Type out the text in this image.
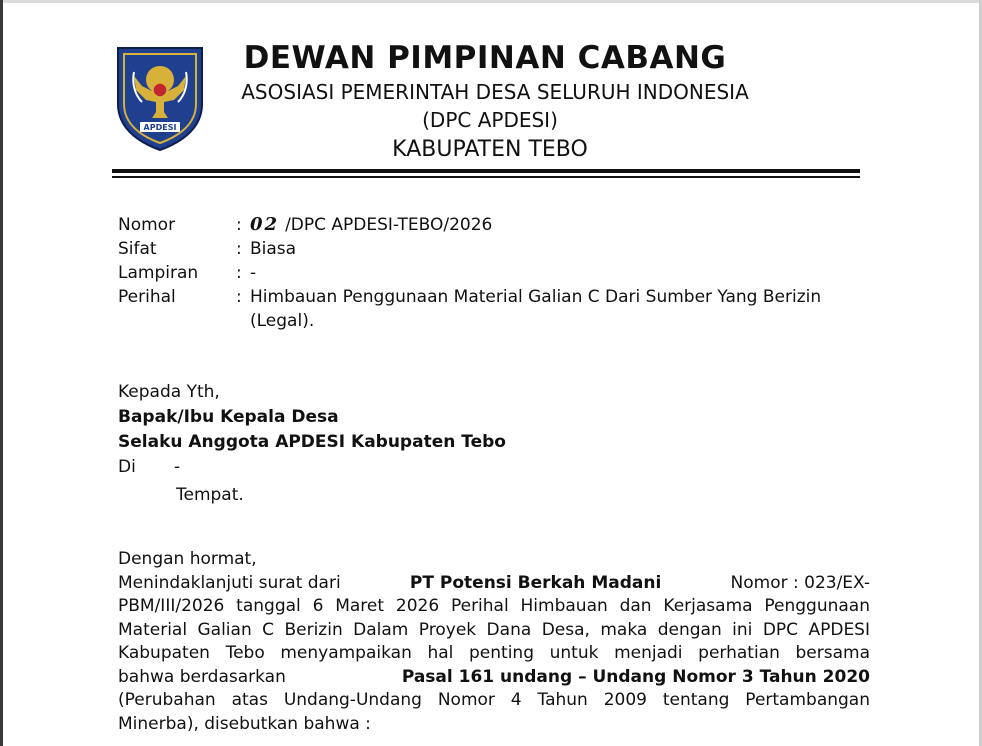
APDESI
DEWAN PIMPINAN CABANG
ASOSIASI PEMERINTAH DESA SELURUH INDONESIA
(DPC APDESI)
KABUPATEN TEBO
Nomor	: 02 /DPC APDESI-TEBO/2026
Sifat	: Biasa
Lampiran	: -
Perihal	: Himbauan Penggunaan Material Galian C Dari Sumber Yang Berizin
(Legal).
Kepada Yth,
Bapak/Ibu Kepala Desa
Selaku Anggota APDESI Kabupaten Tebo
Di	-
Tempat.
Dengan hormat,
Menindaklanjuti surat dari	PT Potensi Berkah Madani	Nomor : 023/EX-
PBM/III/2026 tanggal 6 Maret 2026 Perihal Himbauan dan Kerjasama Penggunaan
Material Galian C Berizin Dalam Proyek Dana Desa, maka dengan ini DPC APDESI
Kabupaten Tebo menyampaikan hal penting untuk menjadi perhatian bersama
bahwa berdasarkan	Pasal 161 undang – Undang Nomor 3 Tahun 2020
(Perubahan atas Undang-Undang Nomor 4 Tahun 2009 tentang Pertambangan
Minerba), disebutkan bahwa :
